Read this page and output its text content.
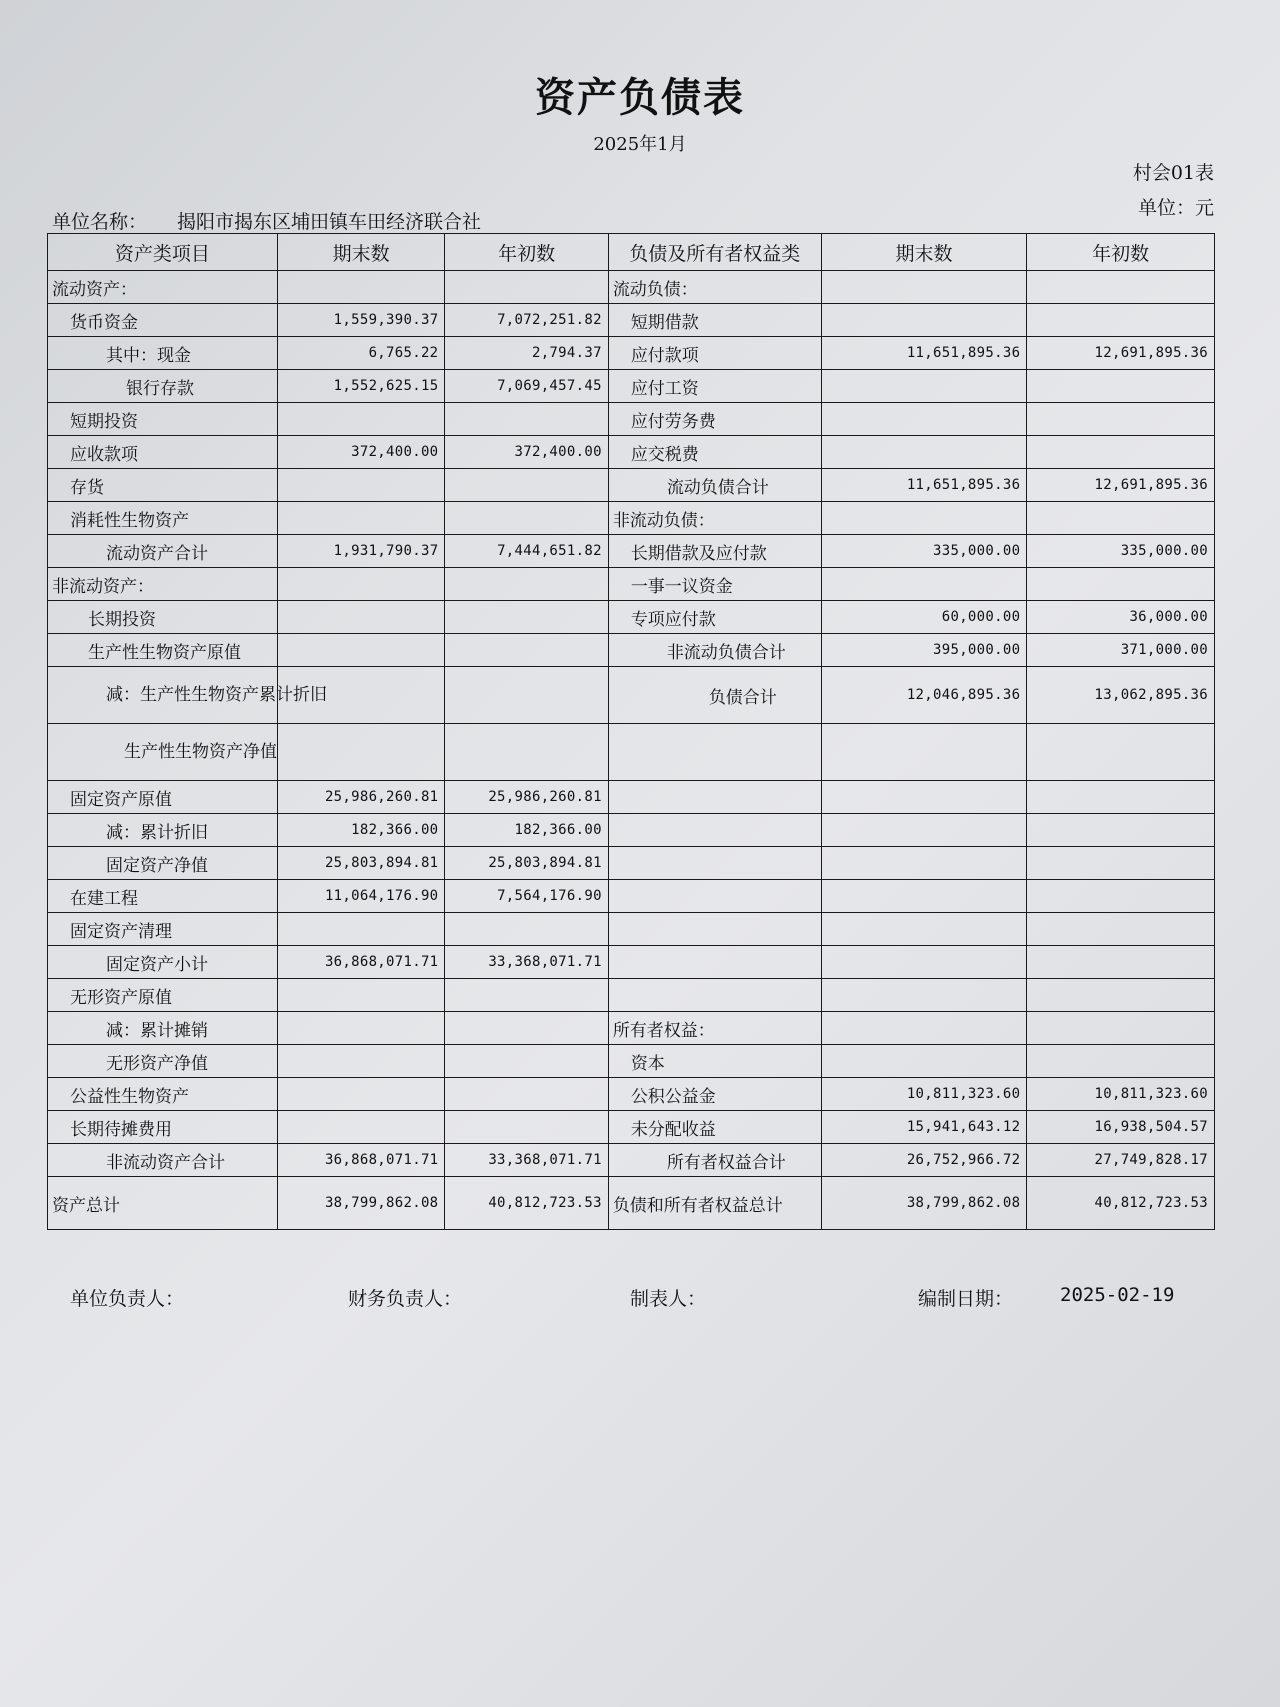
资产负债表
2025年1月
村会01表
单位：元
单位名称： 揭阳市揭东区埔田镇车田经济联合社
资产类项目	期末数	年初数	负债及所有者权益类	期末数	年初数
流动资产：			流动负债：		
货币资金	1,559,390.37	7,072,251.82	短期借款		
其中：现金	6,765.22	2,794.37	应付款项	11,651,895.36	12,691,895.36
银行存款	1,552,625.15	7,069,457.45	应付工资		
短期投资			应付劳务费		
应收款项	372,400.00	372,400.00	应交税费		
存货			流动负债合计	11,651,895.36	12,691,895.36
消耗性生物资产			非流动负债：		
流动资产合计	1,931,790.37	7,444,651.82	长期借款及应付款	335,000.00	335,000.00
非流动资产：			一事一议资金		
长期投资			专项应付款	60,000.00	36,000.00
生产性生物资产原值			非流动负债合计	395,000.00	371,000.00
减：生产性生物资产累计折旧			负债合计	12,046,895.36	13,062,895.36
生产性生物资产净值					
固定资产原值	25,986,260.81	25,986,260.81			
减：累计折旧	182,366.00	182,366.00			
固定资产净值	25,803,894.81	25,803,894.81			
在建工程	11,064,176.90	7,564,176.90			
固定资产清理					
固定资产小计	36,868,071.71	33,368,071.71			
无形资产原值					
减：累计摊销			所有者权益：		
无形资产净值			资本		
公益性生物资产			公积公益金	10,811,323.60	10,811,323.60
长期待摊费用			未分配收益	15,941,643.12	16,938,504.57
非流动资产合计	36,868,071.71	33,368,071.71	所有者权益合计	26,752,966.72	27,749,828.17
资产总计	38,799,862.08	40,812,723.53	负债和所有者权益总计	38,799,862.08	40,812,723.53
单位负责人：	财务负责人：	制表人：	编制日期： 2025-02-19
